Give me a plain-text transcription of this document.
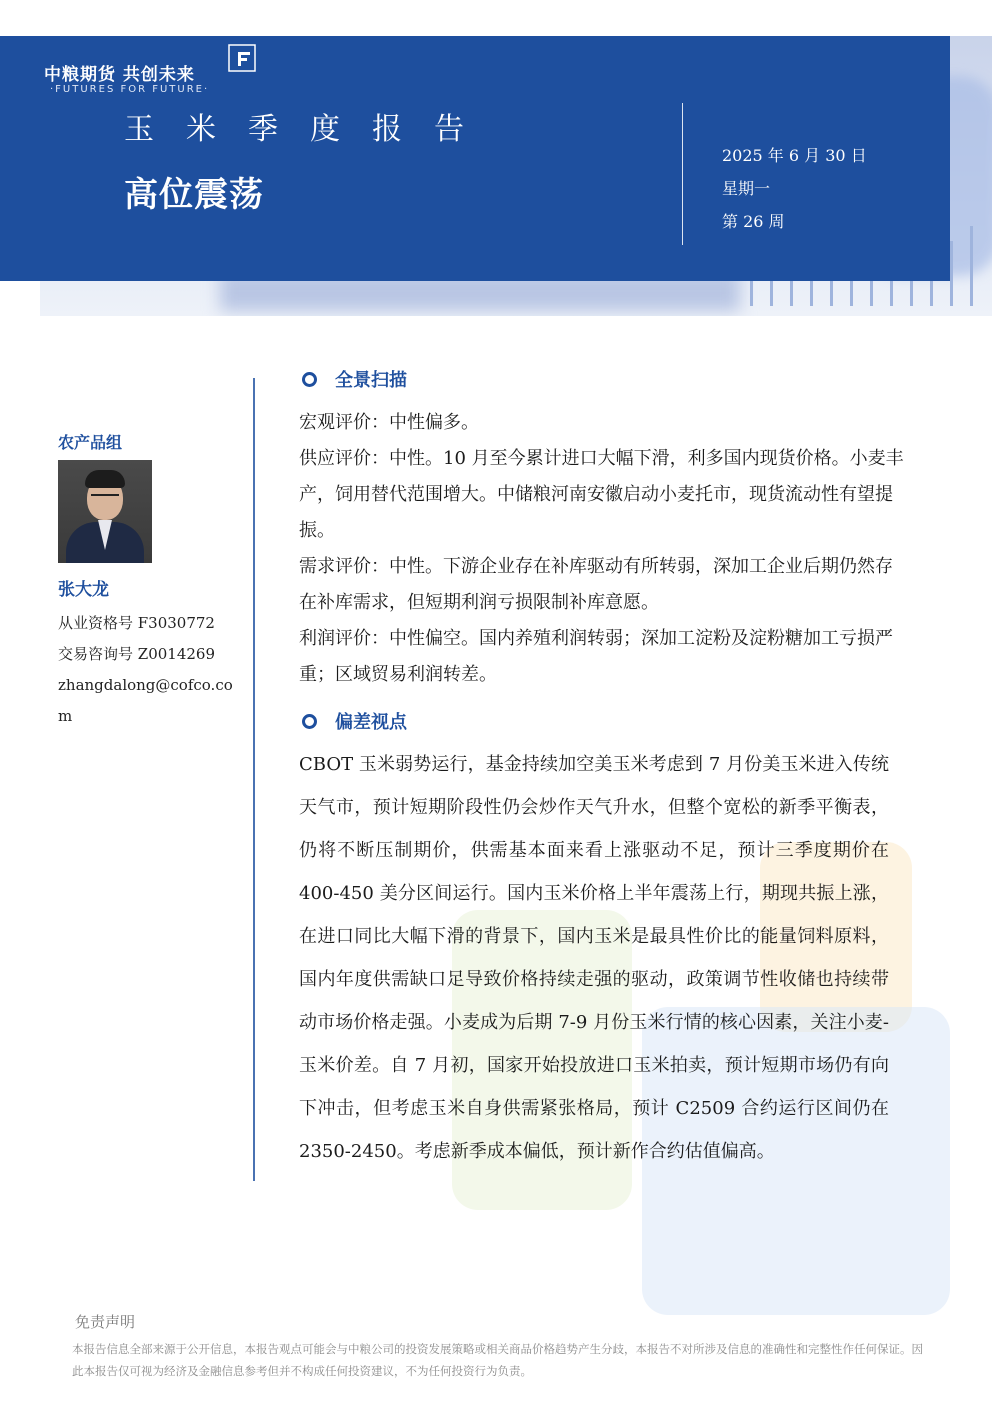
中粮期货 共创未来
·FUTURES FOR FUTURE·
玉米季度报告
高位震荡
2025 年 6 月 30 日
星期一
第 26 周
农产品组
张大龙
从业资格号 F3030772
交易咨询号 Z0014269
zhangdalong@cofco.com
全景扫描

宏观评价：中性偏多。

供应评价：中性。10 月至今累计进口大幅下滑，利多国内现货价格。小麦丰产，饲用替代范围增大。中储粮河南安徽启动小麦托市，现货流动性有望提振。

需求评价：中性。下游企业存在补库驱动有所转弱，深加工企业后期仍然存在补库需求，但短期利润亏损限制补库意愿。

利润评价：中性偏空。国内养殖利润转弱；深加工淀粉及淀粉糖加工亏损严重；区域贸易利润转差。

偏差视点
CBOT 玉米弱势运行，基金持续加空美玉米考虑到 7 月份美玉米进入传统天气市，预计短期阶段性仍会炒作天气升水，但整个宽松的新季平衡表，仍将不断压制期价，供需基本面来看上涨驱动不足，预计三季度期价在 400-450 美分区间运行。国内玉米价格上半年震荡上行，期现共振上涨，在进口同比大幅下滑的背景下，国内玉米是最具性价比的能量饲料原料，国内年度供需缺口足导致价格持续走强的驱动，政策调节性收储也持续带动市场价格走强。小麦成为后期 7-9 月份玉米行情的核心因素，关注小麦-玉米价差。自 7 月初，国家开始投放进口玉米拍卖，预计短期市场仍有向下冲击，但考虑玉米自身供需紧张格局，预计 C2509 合约运行区间仍在 2350-2450。考虑新季成本偏低，预计新作合约估值偏高。
免责声明
本报告信息全部来源于公开信息，本报告观点可能会与中粮公司的投资发展策略或相关商品价格趋势产生分歧，本报告不对所涉及信息的准确性和完整性作任何保证。因此本报告仅可视为经济及金融信息参考但并不构成任何投资建议，不为任何投资行为负责。
